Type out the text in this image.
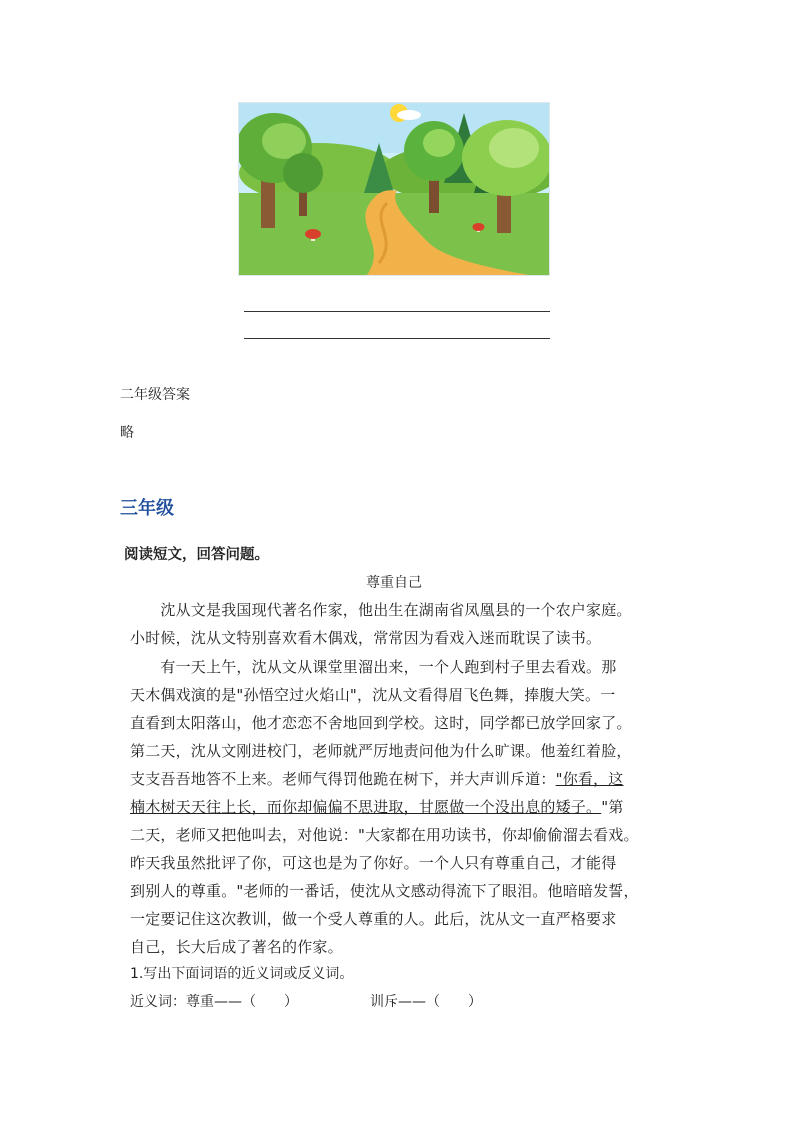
二年级答案
略
三年级
阅读短文，回答问题。
尊重自己
　　沈从文是我国现代著名作家，他出生在湖南省凤凰县的一个农户家庭。
小时候，沈从文特别喜欢看木偶戏，常常因为看戏入迷而耽误了读书。
　　有一天上午，沈从文从课堂里溜出来，一个人跑到村子里去看戏。那
天木偶戏演的是"孙悟空过火焰山"，沈从文看得眉飞色舞，捧腹大笑。一
直看到太阳落山，他才恋恋不舍地回到学校。这时，同学都已放学回家了。
第二天，沈从文刚进校门，老师就严厉地责问他为什么旷课。他羞红着脸，
支支吾吾地答不上来。老师气得罚他跪在树下，并大声训斥道："你看，这
楠木树天天往上长，而你却偏偏不思进取，甘愿做一个没出息的矮子。"第
二天，老师又把他叫去，对他说："大家都在用功读书，你却偷偷溜去看戏。
昨天我虽然批评了你，可这也是为了你好。一个人只有尊重自己，才能得
到别人的尊重。"老师的一番话，使沈从文感动得流下了眼泪。他暗暗发誓，
一定要记住这次教训，做一个受人尊重的人。此后，沈从文一直严格要求
自己，长大后成了著名的作家。
1.写出下面词语的近义词或反义词。
近义词：尊重——（　　）	训斥——（　　）
